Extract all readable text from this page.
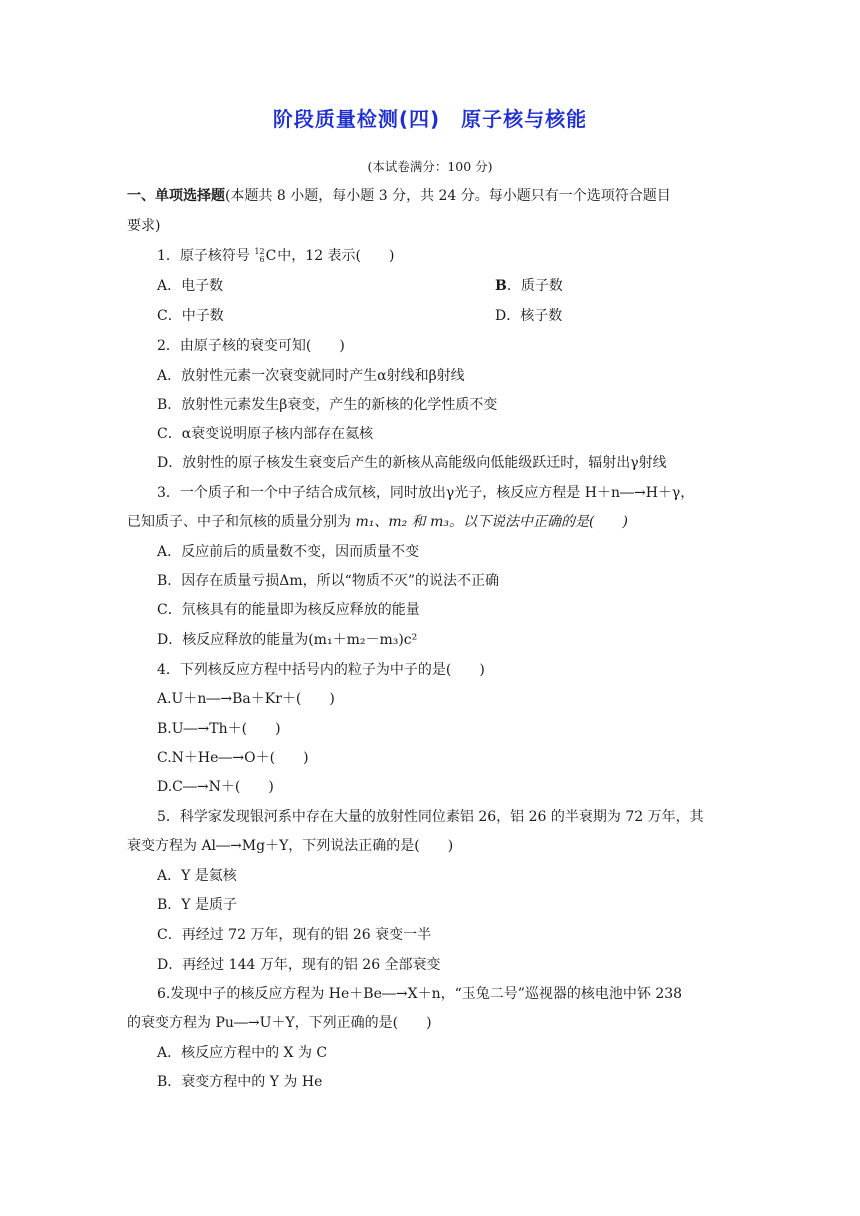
阶段质量检测(四)　原子核与核能
(本试卷满分：100 分)
一、单项选择题(本题共 8 小题，每小题 3 分，共 24 分。每小题只有一个选项符合题目
要求)
1．原子核符号 12
6 C中，12 表示(　　)
A．电子数	B．质子数
C．中子数	D．核子数
2．由原子核的衰变可知(　　)
A．放射性元素一次衰变就同时产生α射线和β射线
B．放射性元素发生β衰变，产生的新核的化学性质不变
C．α衰变说明原子核内部存在氦核
D．放射性的原子核发生衰变后产生的新核从高能级向低能级跃迁时，辐射出γ射线
3．一个质子和一个中子结合成氘核，同时放出γ光子，核反应方程是 H＋n―→H＋γ，
已知质子、中子和氘核的质量分别为 m₁、m₂ 和 m₃。以下说法中正确的是(　　)
A．反应前后的质量数不变，因而质量不变
B．因存在质量亏损Δm，所以“物质不灭”的说法不正确
C．氘核具有的能量即为核反应释放的能量
D．核反应释放的能量为(m₁＋m₂－m₃)c²
4．下列核反应方程中括号内的粒子为中子的是(　　)
A.U＋n―→Ba＋Kr＋(　　)
B.U―→Th＋(　　)
C.N＋He―→O＋(　　)
D.C―→N＋(　　)
5．科学家发现银河系中存在大量的放射性同位素铝 26，铝 26 的半衰期为 72 万年，其
衰变方程为 Al―→Mg＋Y，下列说法正确的是(　　)
A．Y 是氦核
B．Y 是质子
C．再经过 72 万年，现有的铝 26 衰变一半
D．再经过 144 万年，现有的铝 26 全部衰变
6.发现中子的核反应方程为 He＋Be―→X＋n，“玉兔二号”巡视器的核电池中钚 238
的衰变方程为 Pu―→U＋Y，下列正确的是(　　)
A．核反应方程中的 X 为 C
B．衰变方程中的 Y 为 He
